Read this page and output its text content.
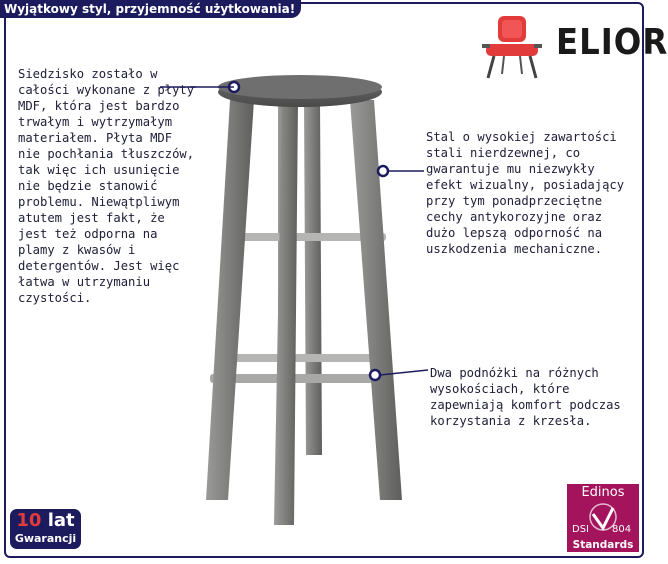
Wyjątkowy styl, przyjemność użytkowania!
ELIOR
Siedzisko zostało w całości wykonane z płyty MDF, która jest bardzo trwałym i wytrzymałym materiałem. Płyta MDF nie pochłania tłuszczów, tak więc ich usunięcie nie będzie stanowić problemu. Niewątpliwym atutem jest fakt, że jest też odporna na plamy z kwasów i detergentów. Jest więc łatwa w utrzymaniu czystości.
Stal o wysokiej zawartości stali nierdzewnej, co gwarantuje mu niezwykły efekt wizualny, posiadający przy tym ponadprzeciętne cechy antykorozyjne oraz dużo lepszą odporność na uszkodzenia mechaniczne.
Dwa podnóżki na różnych wysokościach, które zapewniają komfort podczas korzystania z krzesła.
10 lat
Gwarancji
Edinos
DSI 804
Standards
